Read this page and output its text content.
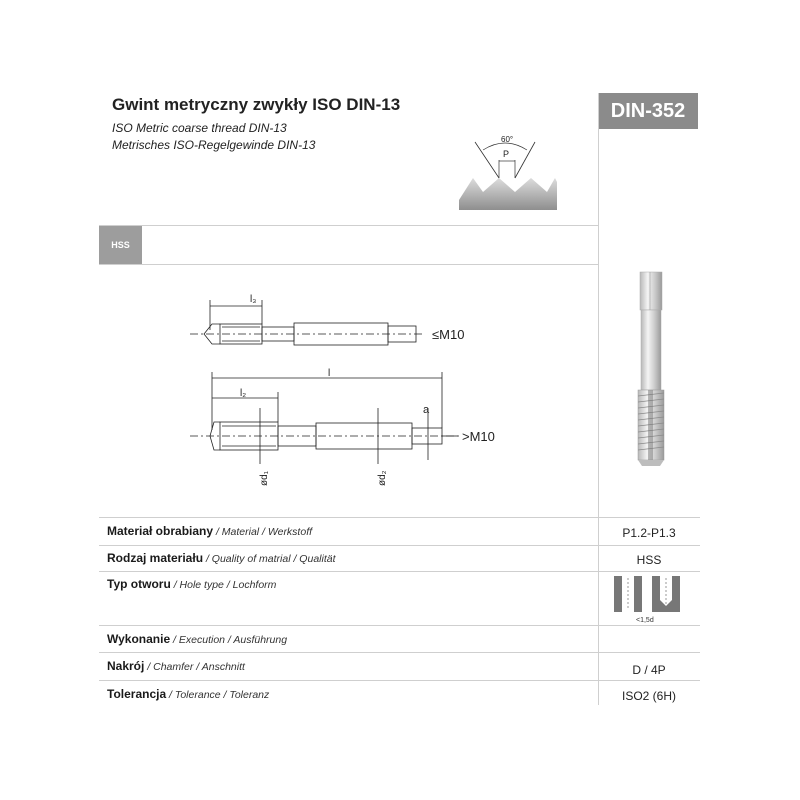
Gwint metryczny zwykły ISO DIN-13
ISO Metric coarse thread DIN-13
Metrisches ISO-Regelgewinde DIN-13
DIN-352
60°
P
HSS
l₃
≤M10
l
l₂
a
ød₁	ød₂
>M10
Materiał obrabiany / Material / Werkstoff	P1.2-P1.3
Rodzaj materiału / Quality of matrial / Qualität	HSS
Typ otworu / Hole type / Lochform
<1,5d
Wykonanie / Execution / Ausführung
Nakrój / Chamfer / Anschnitt	D / 4P
Tolerancja / Tolerance / Toleranz	ISO2 (6H)
